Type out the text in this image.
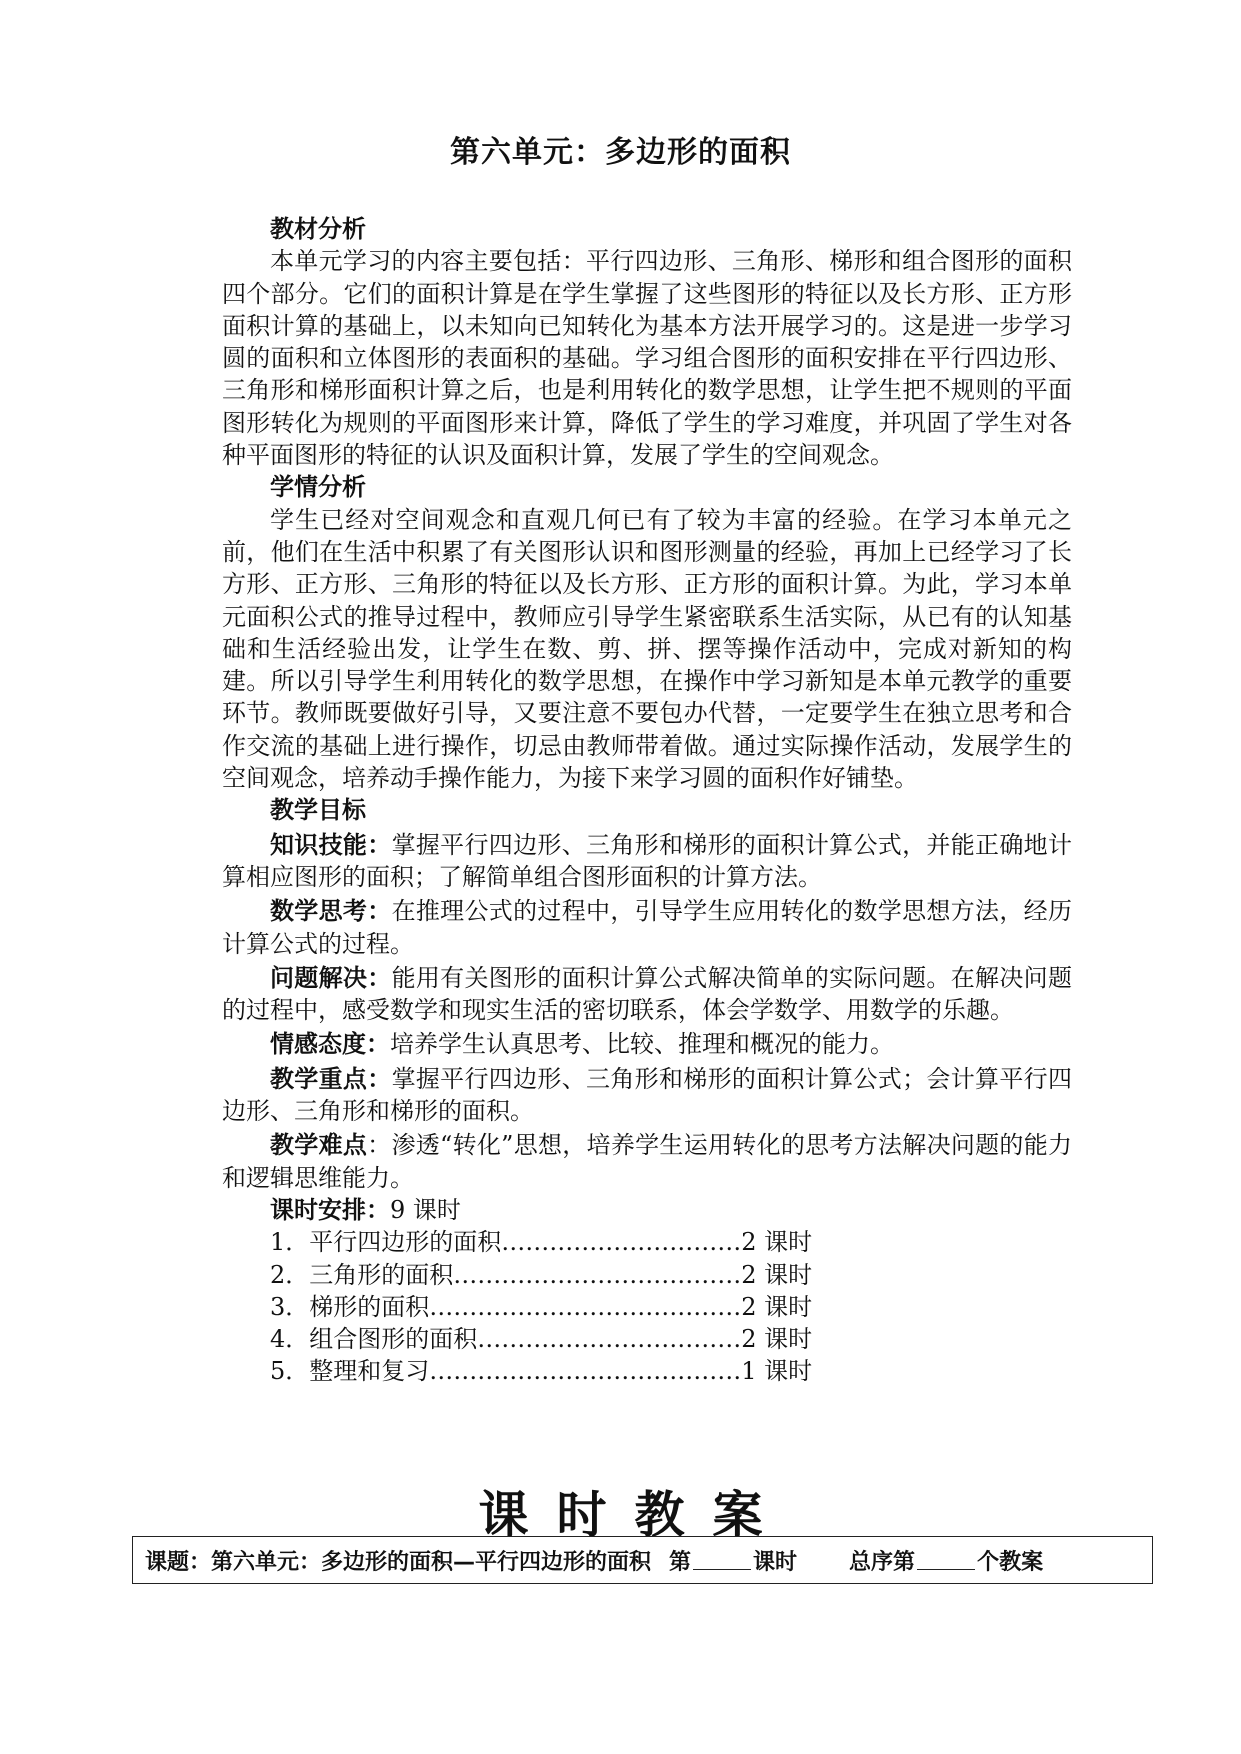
第六单元：多边形的面积
教材分析
本单元学习的内容主要包括：平行四边形、三角形、梯形和组合图形的面积四个部分。它们的面积计算是在学生掌握了这些图形的特征以及长方形、正方形面积计算的基础上，以未知向已知转化为基本方法开展学习的。这是进一步学习圆的面积和立体图形的表面积的基础。学习组合图形的面积安排在平行四边形、三角形和梯形面积计算之后，也是利用转化的数学思想，让学生把不规则的平面图形转化为规则的平面图形来计算，降低了学生的学习难度，并巩固了学生对各种平面图形的特征的认识及面积计算，发展了学生的空间观念。
学情分析
学生已经对空间观念和直观几何已有了较为丰富的经验。在学习本单元之前，他们在生活中积累了有关图形认识和图形测量的经验，再加上已经学习了长方形、正方形、三角形的特征以及长方形、正方形的面积计算。为此，学习本单元面积公式的推导过程中，教师应引导学生紧密联系生活实际，从已有的认知基础和生活经验出发，让学生在数、剪、拼、摆等操作活动中，完成对新知的构建。所以引导学生利用转化的数学思想，在操作中学习新知是本单元教学的重要环节。教师既要做好引导，又要注意不要包办代替，一定要学生在独立思考和合作交流的基础上进行操作，切忌由教师带着做。通过实际操作活动，发展学生的空间观念，培养动手操作能力，为接下来学习圆的面积作好铺垫。
教学目标
知识技能：掌握平行四边形、三角形和梯形的面积计算公式，并能正确地计算相应图形的面积；了解简单组合图形面积的计算方法。
数学思考：在推理公式的过程中，引导学生应用转化的数学思想方法，经历计算公式的过程。
问题解决：能用有关图形的面积计算公式解决简单的实际问题。在解决问题的过程中，感受数学和现实生活的密切联系，体会学数学、用数学的乐趣。
情感态度：培养学生认真思考、比较、推理和概况的能力。
教学重点：掌握平行四边形、三角形和梯形的面积计算公式；会计算平行四边形、三角形和梯形的面积。
教学难点：渗透“转化”思想，培养学生运用转化的思考方法解决问题的能力和逻辑思维能力。
课时安排：9 课时
1．平行四边形的面积…………………………2 课时
2．三角形的面积………………………………2 课时
3．梯形的面积…………………………………2 课时
4．组合图形的面积……………………………2 课时
5．整理和复习…………………………………1 课时
课时教案
课题：第六单元：多边形的面积—平行四边形的面积 第	课时 总序第	个教案
